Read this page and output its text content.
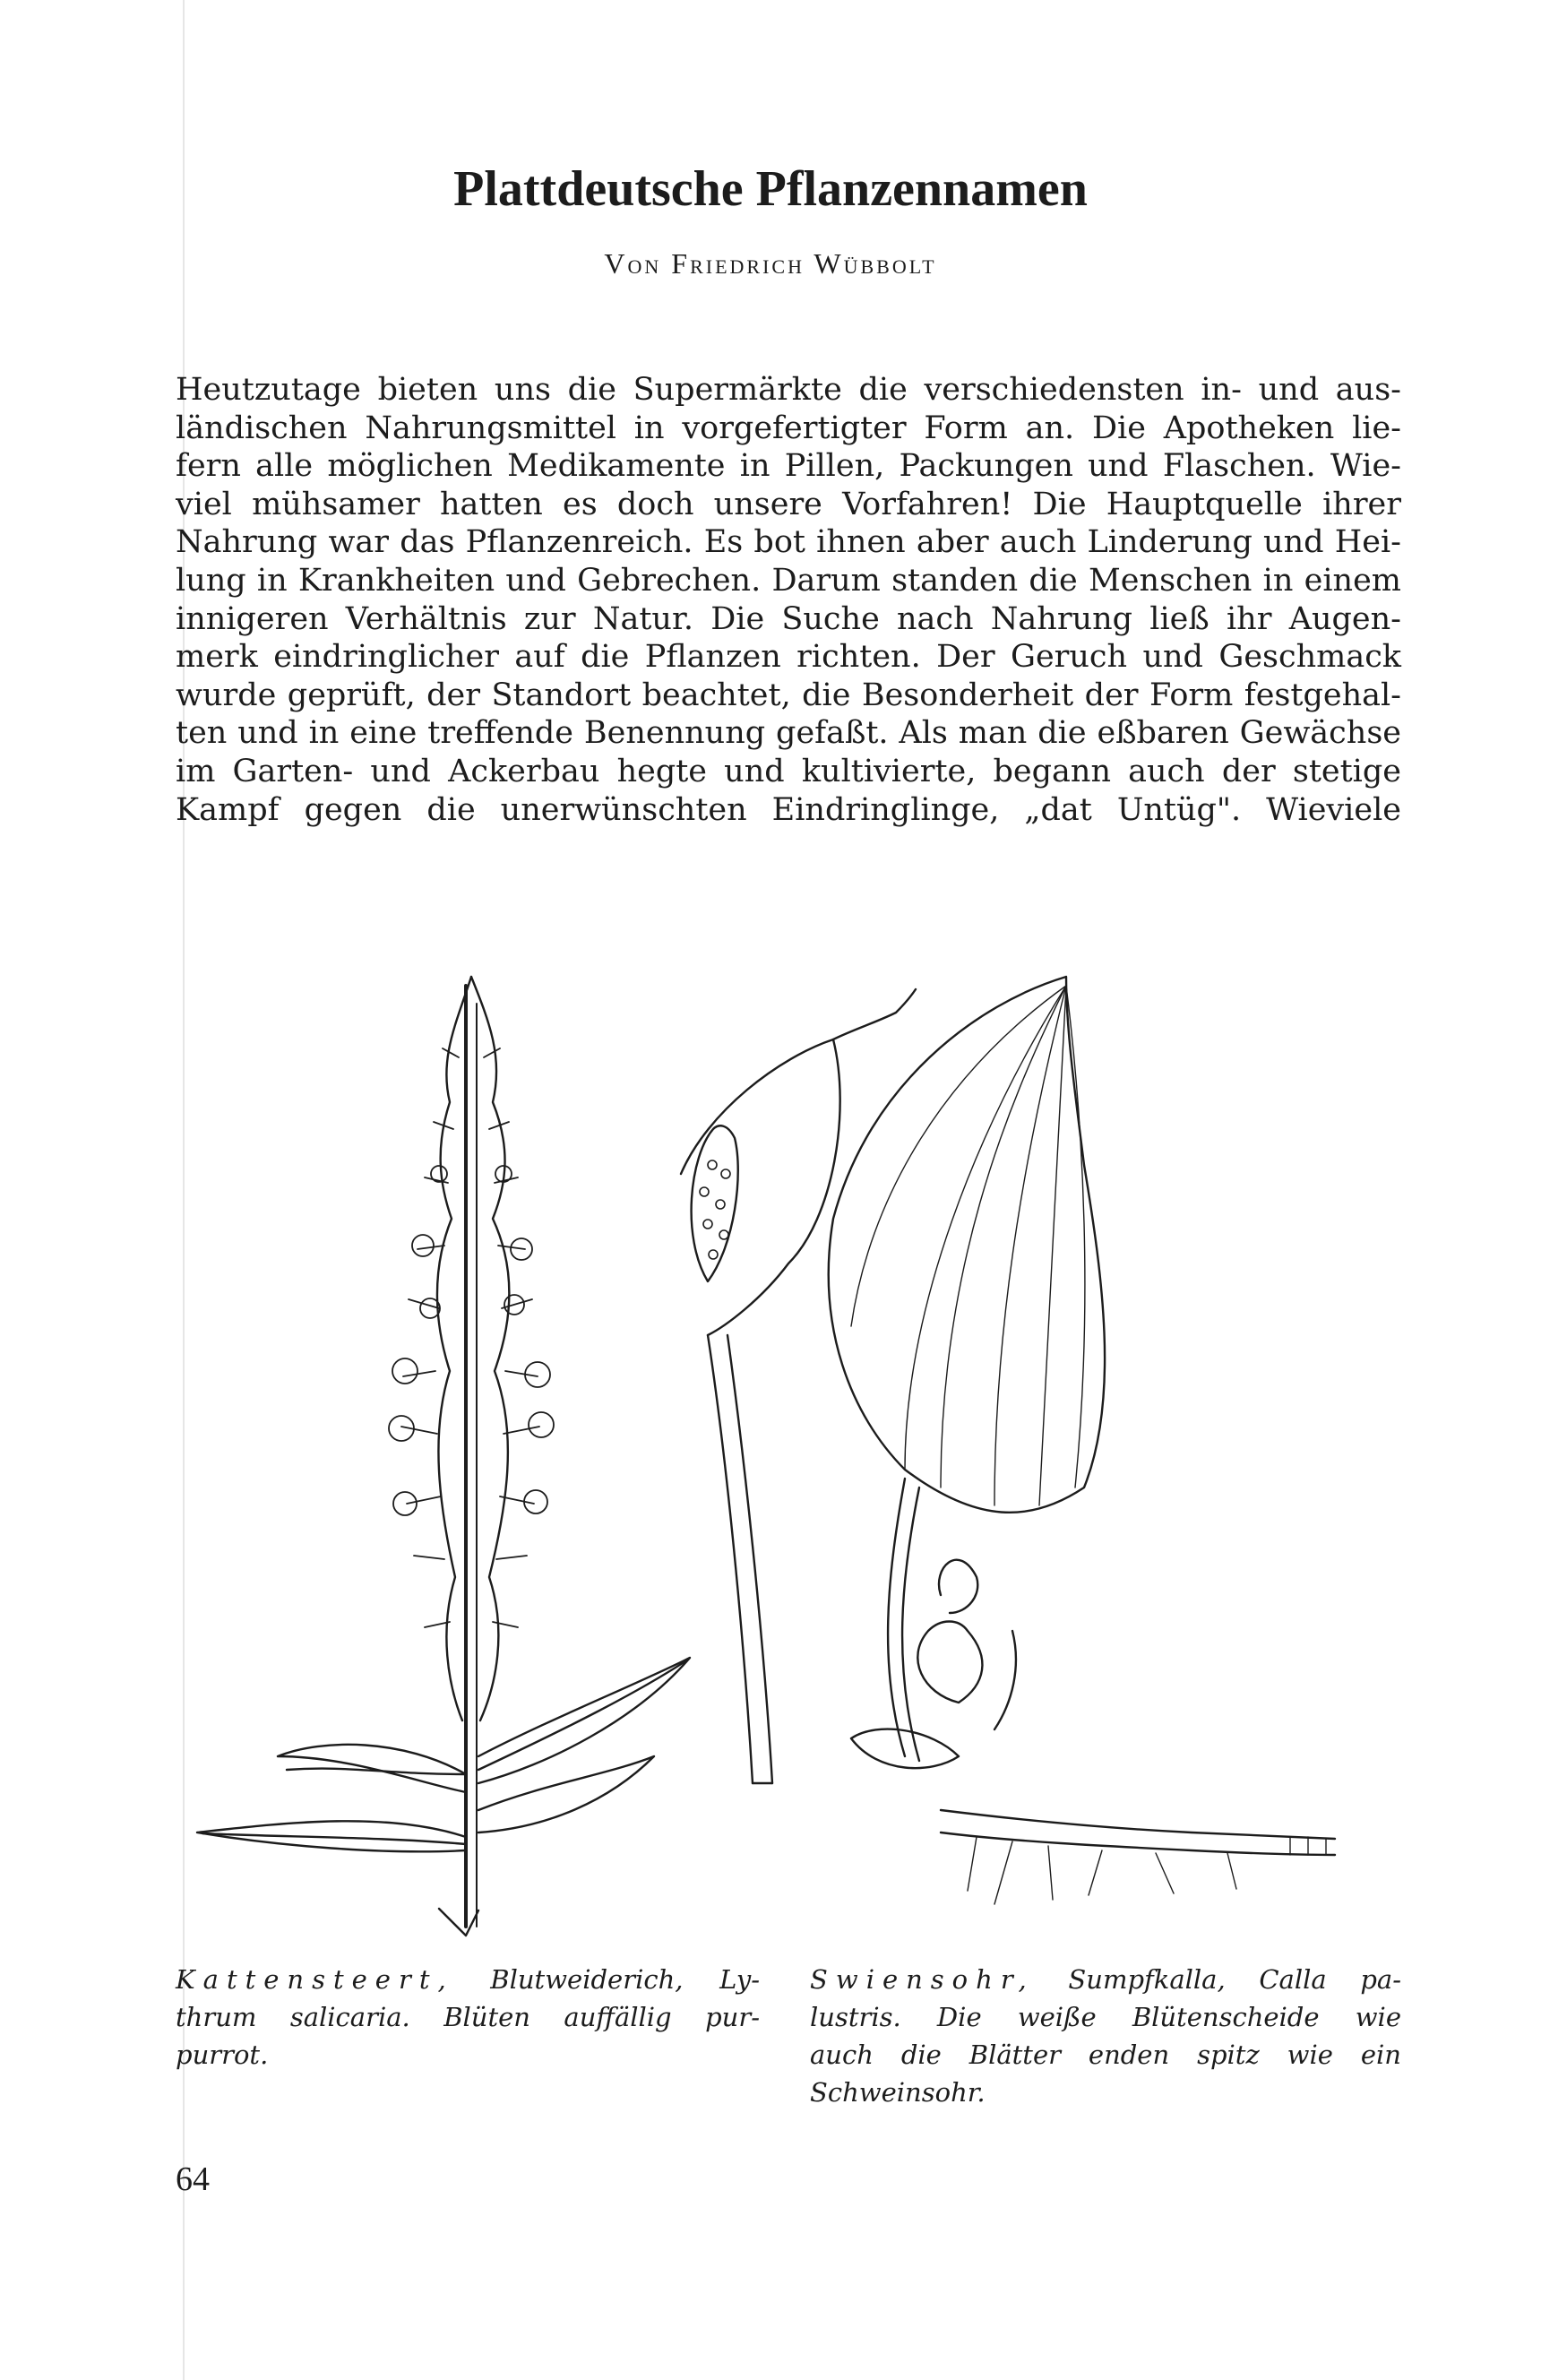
Plattdeutsche Pflanzennamen
Von Friedrich Wübbolt
Heutzutage bieten uns die Supermärkte die verschiedensten in- und aus-
ländischen Nahrungsmittel in vorgefertigter Form an. Die Apotheken lie-
fern alle möglichen Medikamente in Pillen, Packungen und Flaschen. Wie-
viel mühsamer hatten es doch unsere Vorfahren! Die Hauptquelle ihrer
Nahrung war das Pflanzenreich. Es bot ihnen aber auch Linderung und Hei-
lung in Krankheiten und Gebrechen. Darum standen die Menschen in einem
innigeren Verhältnis zur Natur. Die Suche nach Nahrung ließ ihr Augen-
merk eindringlicher auf die Pflanzen richten. Der Geruch und Geschmack
wurde geprüft, der Standort beachtet, die Besonderheit der Form festgehal-
ten und in eine treffende Benennung gefaßt. Als man die eßbaren Gewächse
im Garten- und Ackerbau hegte und kultivierte, begann auch der stetige
Kampf gegen die unerwünschten Eindringlinge, „dat Untüg". Wieviele
Kattensteert, Blutweiderich, Ly-
thrum salicaria. Blüten auffällig pur-
purrot.
Swiensohr, Sumpfkalla, Calla pa-
lustris. Die weiße Blütenscheide wie
auch die Blätter enden spitz wie ein
Schweinsohr.
64
